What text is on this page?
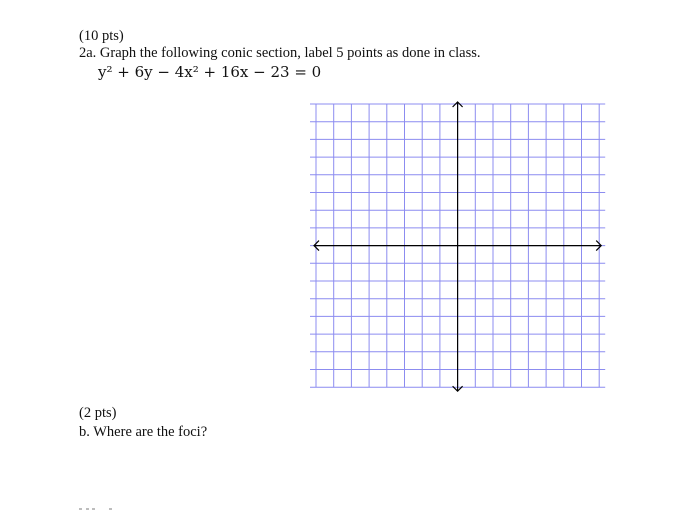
(10 pts)
2a. Graph the following conic section, label 5 points as done in class.
y² + 6y − 4x² + 16x − 23 = 0
(2 pts)
b. Where are the foci?
